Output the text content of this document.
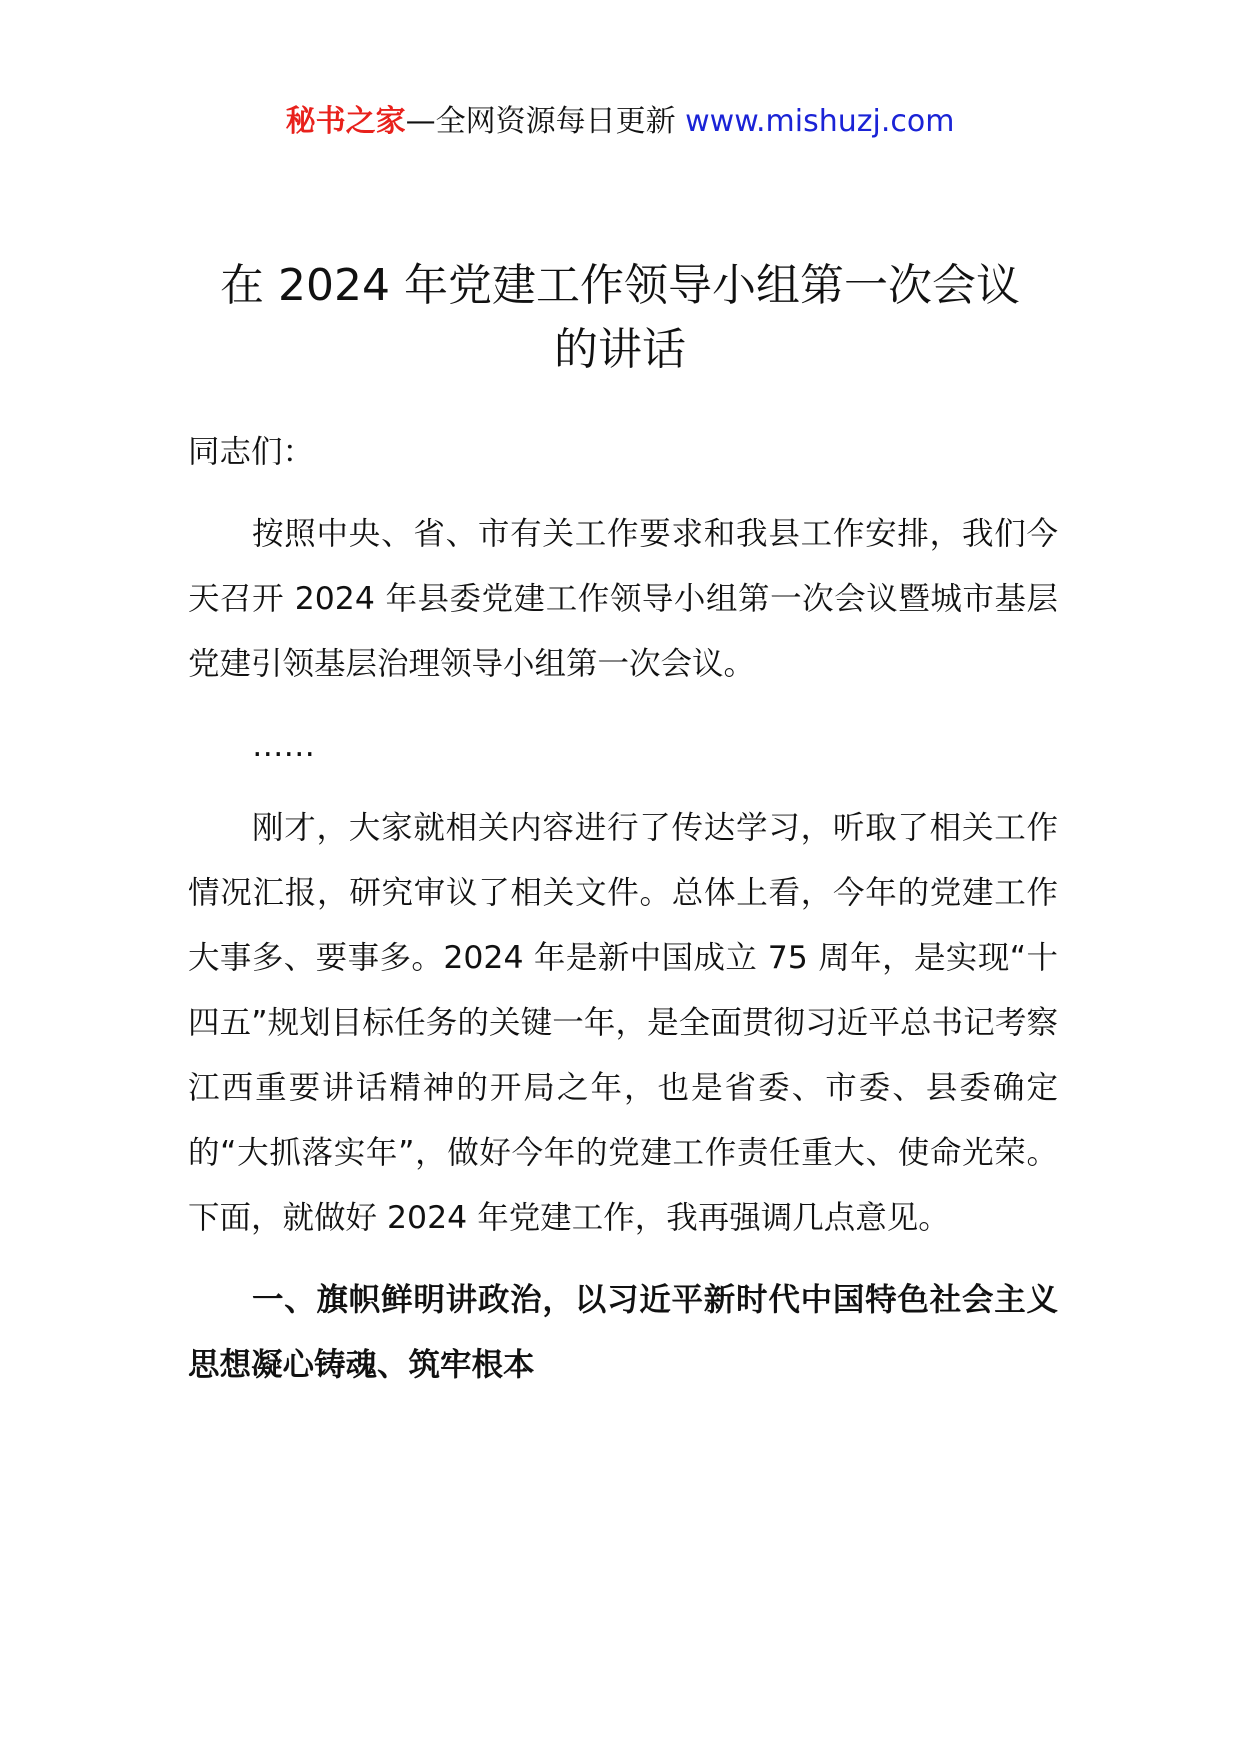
秘书之家—全网资源每日更新 www.mishuzj.com
在 2024 年党建工作领导小组第一次会议
的讲话

同志们：

按照中央、省、市有关工作要求和我县工作安排，我们今天召开 2024 年县委党建工作领导小组第一次会议暨城市基层党建引领基层治理领导小组第一次会议。

……

刚才，大家就相关内容进行了传达学习，听取了相关工作情况汇报，研究审议了相关文件。总体上看，今年的党建工作大事多、要事多。2024 年是新中国成立 75 周年，是实现“十四五”规划目标任务的关键一年，是全面贯彻习近平总书记考察江西重要讲话精神的开局之年，也是省委、市委、县委确定的“大抓落实年”，做好今年的党建工作责任重大、使命光荣。下面，就做好 2024 年党建工作，我再强调几点意见。

一、旗帜鲜明讲政治，以习近平新时代中国特色社会主义思想凝心铸魂、筑牢根本
